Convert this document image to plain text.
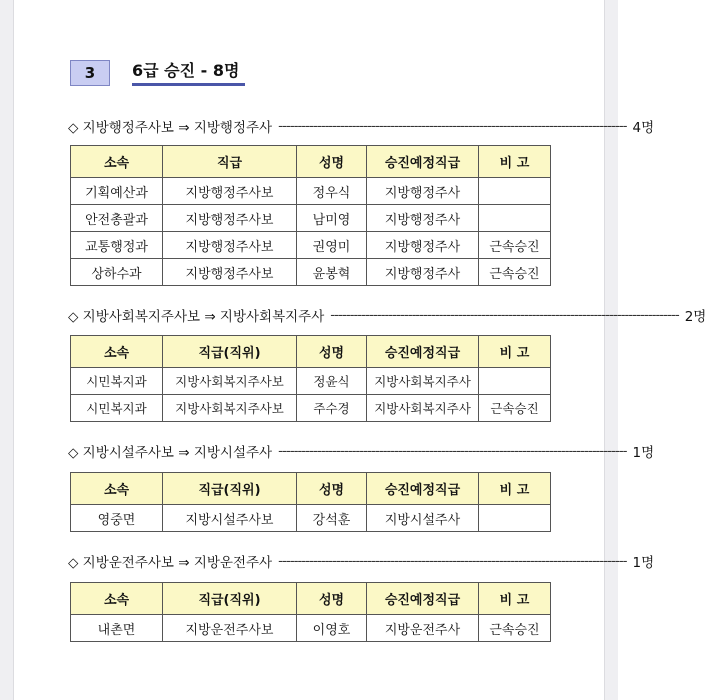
3	6급 승진 - 8명
◇ 지방행정주사보 ⇒ 지방행정주사 ------------------------------------------------------------------------------------------ 4명
소속	직급	성명	승진예정직급	비 고
기획예산과	지방행정주사보	정우식	지방행정주사	
안전총괄과	지방행정주사보	남미영	지방행정주사	
교통행정과	지방행정주사보	권영미	지방행정주사	근속승진
상하수과	지방행정주사보	윤봉혁	지방행정주사	근속승진
◇ 지방사회복지주사보 ⇒ 지방사회복지주사 ------------------------------------------------------------------------------------------ 2명
소속	직급(직위)	성명	승진예정직급	비 고
시민복지과	지방사회복지주사보	정윤식	지방사회복지주사	
시민복지과	지방사회복지주사보	주수경	지방사회복지주사	근속승진
◇ 지방시설주사보 ⇒ 지방시설주사 ------------------------------------------------------------------------------------------ 1명
소속	직급(직위)	성명	승진예정직급	비 고
영중면	지방시설주사보	강석훈	지방시설주사	
◇ 지방운전주사보 ⇒ 지방운전주사 ------------------------------------------------------------------------------------------ 1명
소속	직급(직위)	성명	승진예정직급	비 고
내촌면	지방운전주사보	이영호	지방운전주사	근속승진
